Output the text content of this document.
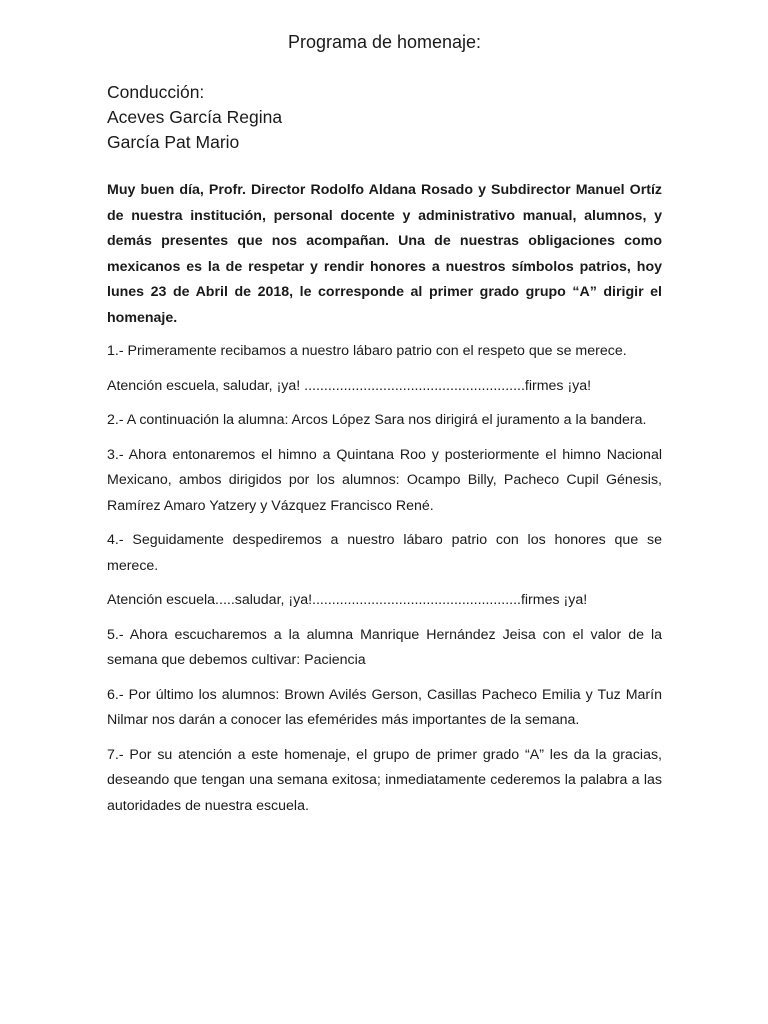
Programa de homenaje:
Conducción:
Aceves García Regina
García Pat Mario

Muy buen día, Profr. Director Rodolfo Aldana Rosado y Subdirector Manuel Ortíz de nuestra institución, personal docente y administrativo manual, alumnos, y demás presentes que nos acompañan. Una de nuestras obligaciones como mexicanos es la de respetar y rendir honores a nuestros símbolos patrios, hoy lunes 23 de Abril de 2018, le corresponde al primer grado grupo “A” dirigir el homenaje.

1.- Primeramente recibamos a nuestro lábaro patrio con el respeto que se merece.

Atención escuela, saludar, ¡ya! ........................................................firmes ¡ya!

2.- A continuación la alumna: Arcos López Sara nos dirigirá el juramento a la bandera.

3.- Ahora entonaremos el himno a Quintana Roo y posteriormente el himno Nacional Mexicano, ambos dirigidos por los alumnos: Ocampo Billy, Pacheco Cupil Génesis, Ramírez Amaro Yatzery y Vázquez Francisco René.

4.- Seguidamente despediremos a nuestro lábaro patrio con los honores que se merece.

Atención escuela.....saludar, ¡ya!.....................................................firmes ¡ya!

5.- Ahora escucharemos a la alumna Manrique Hernández Jeisa con el valor de la semana que debemos cultivar: Paciencia

6.- Por último los alumnos: Brown Avilés Gerson, Casillas Pacheco Emilia y Tuz Marín Nilmar nos darán a conocer las efemérides más importantes de la semana.

7.- Por su atención a este homenaje, el grupo de primer grado “A” les da la gracias, deseando que tengan una semana exitosa; inmediatamente cederemos la palabra a las autoridades de nuestra escuela.
